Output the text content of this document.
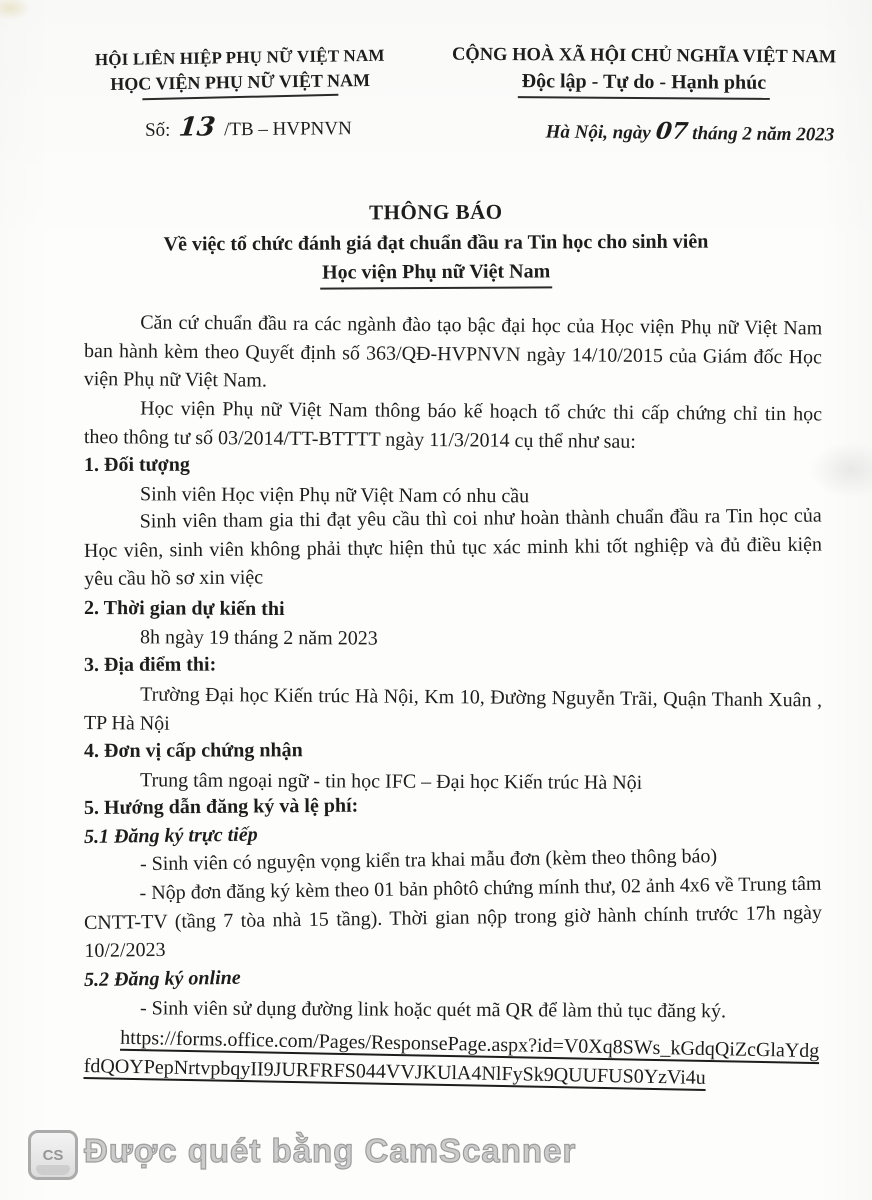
HỘI LIÊN HIỆP PHỤ NỮ VIỆT NAM
HỌC VIỆN PHỤ NỮ VIỆT NAM
CỘNG HOÀ XÃ HỘI CHỦ NGHĨA VIỆT NAM
Độc lập - Tự do - Hạnh phúc
Số: 13 /TB – HVPNVN	Hà Nội, ngày 07 tháng 2 năm 2023
THÔNG BÁO
Về việc tổ chức đánh giá đạt chuẩn đầu ra Tin học cho sinh viên
Học viện Phụ nữ Việt Nam

Căn cứ chuẩn đầu ra các ngành đào tạo bậc đại học của Học viện Phụ nữ Việt Nam ban hành kèm theo Quyết định số 363/QĐ-HVPNVN ngày 14/10/2015 của Giám đốc Học viện Phụ nữ Việt Nam.

Học viện Phụ nữ Việt Nam thông báo kế hoạch tổ chức thi cấp chứng chỉ tin học theo thông tư số 03/2014/TT-BTTTT ngày 11/3/2014 cụ thể như sau:

1. Đối tượng

Sinh viên Học viện Phụ nữ Việt Nam có nhu cầu

Sinh viên tham gia thi đạt yêu cầu thì coi như hoàn thành chuẩn đầu ra Tin học của Học viên, sinh viên không phải thực hiện thủ tục xác minh khi tốt nghiệp và đủ điều kiện yêu cầu hồ sơ xin việc

2. Thời gian dự kiến thi

8h ngày 19 tháng 2 năm 2023

3. Địa điểm thi:

Trường Đại học Kiến trúc Hà Nội, Km 10, Đường Nguyễn Trãi, Quận Thanh Xuân , TP Hà Nội

4. Đơn vị cấp chứng nhận

Trung tâm ngoại ngữ - tin học IFC – Đại học Kiến trúc Hà Nội

5. Hướng dẫn đăng ký và lệ phí:

5.1 Đăng ký trực tiếp

- Sinh viên có nguyện vọng kiển tra khai mẫu đơn (kèm theo thông báo)

- Nộp đơn đăng ký kèm theo 01 bản phôtô chứng mính thư, 02 ảnh 4x6 về Trung tâm CNTT-TV (tầng 7 tòa nhà 15 tầng). Thời gian nộp trong giờ hành chính trước 17h ngày 10/2/2023

5.2 Đăng ký online

- Sinh viên sử dụng đường link hoặc quét mã QR để làm thủ tục đăng ký.

https://forms.office.com/Pages/ResponsePage.aspx?id=V0Xq8SWs_kGdqQiZcGlaYdgfdQOYPepNrtvpbqyII9JURFRFS044VVJKUlA4NlFySk9QUUFUS0YzVi4u
CS Được quét bằng CamScanner
